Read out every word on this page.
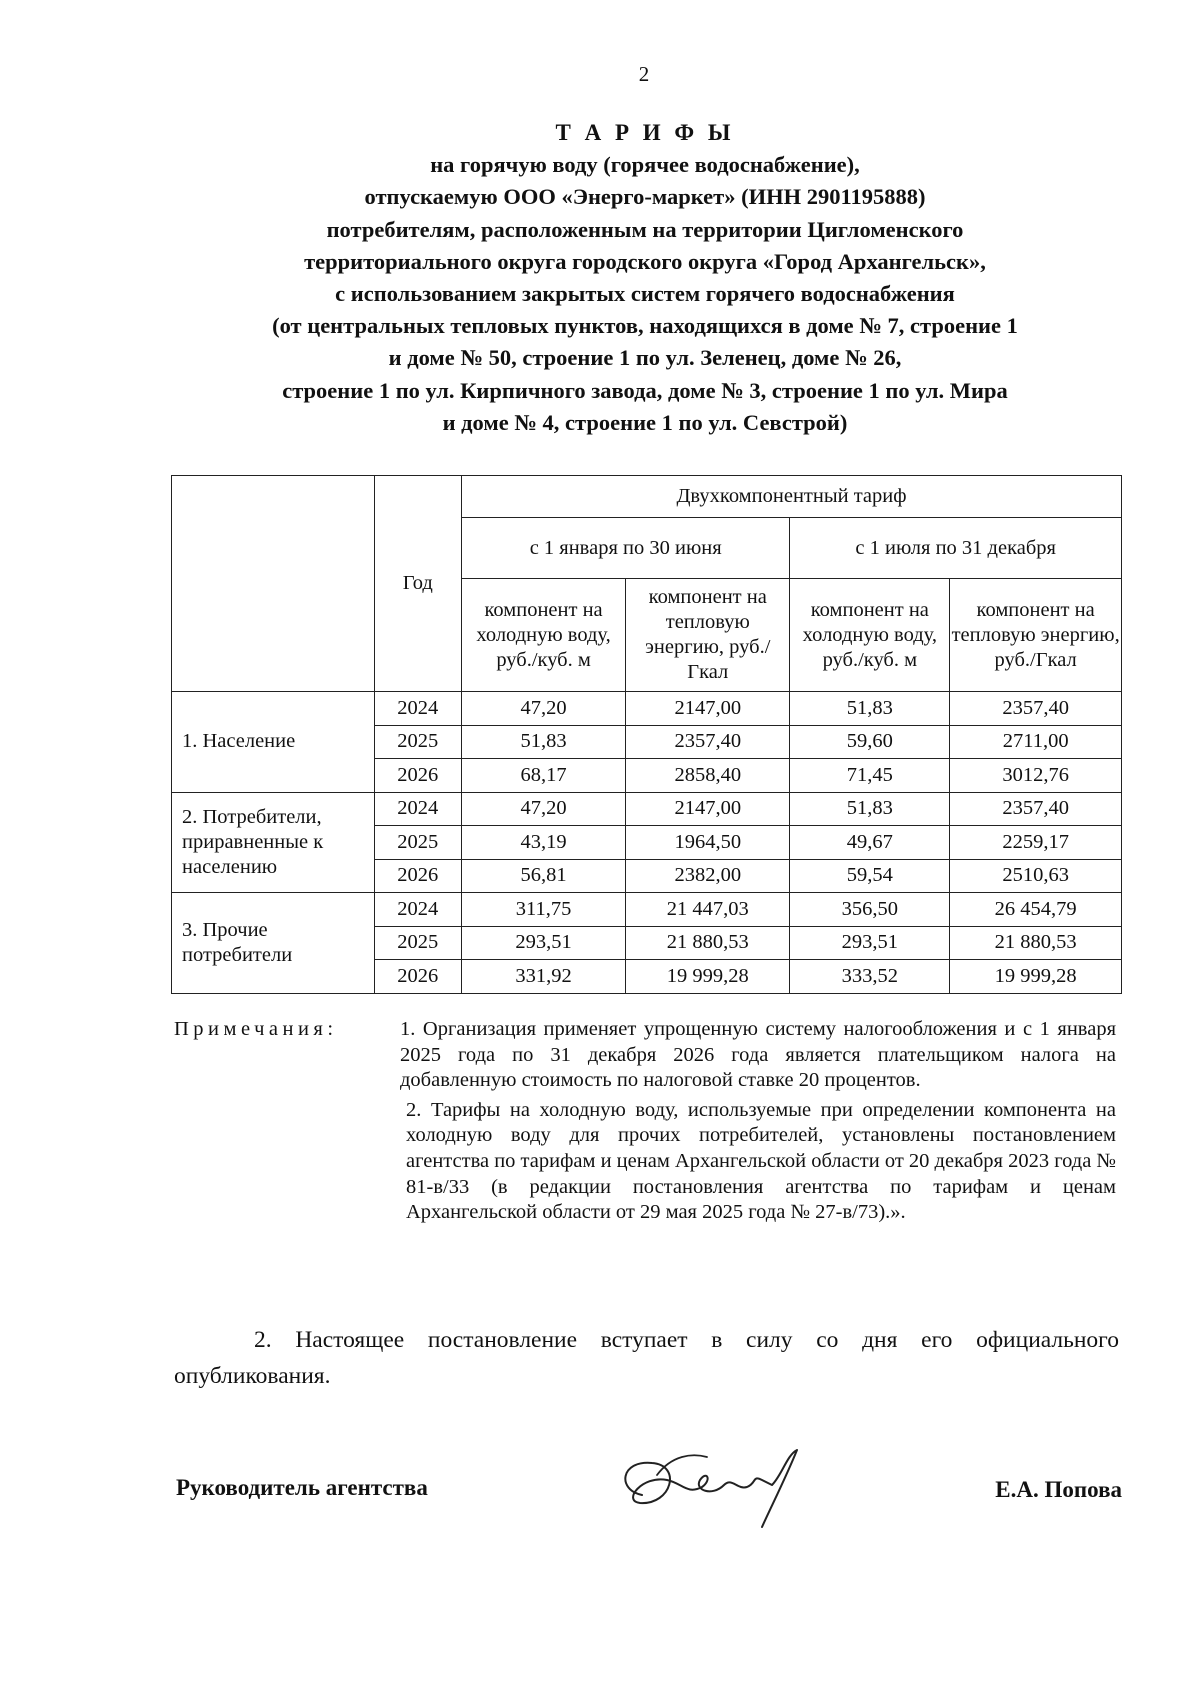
2
Т А Р И Ф Ы
на горячую воду (горячее водоснабжение),
отпускаемую ООО «Энерго-маркет» (ИНН 2901195888)
потребителям, расположенным на территории Цигломенского
территориального округа городского округа «Город Архангельск»,
с использованием закрытых систем горячего водоснабжения
(от центральных тепловых пунктов, находящихся в доме № 7, строение 1
и доме № 50, строение 1 по ул. Зеленец, доме № 26,
строение 1 по ул. Кирпичного завода, доме № 3, строение 1 по ул. Мира
и доме № 4, строение 1 по ул. Севстрой)
	Год	Двухкомпонентный тариф			
		с 1 января по 30 июня		с 1 июля по 31 декабря	
		компонент на холодную воду, руб./куб. м	компонент на тепловую энергию, руб./Гкал	компонент на холодную воду, руб./куб. м	компонент на тепловую энергию, руб./Гкал
1. Население	2024	47,20	2147,00	51,83	2357,40
	2025	51,83	2357,40	59,60	2711,00
	2026	68,17	2858,40	71,45	3012,76
2. Потребители, приравненные к населению	2024	47,20	2147,00	51,83	2357,40
	2025	43,19	1964,50	49,67	2259,17
	2026	56,81	2382,00	59,54	2510,63
3. Прочие потребители	2024	311,75	21 447,03	356,50	26 454,79
	2025	293,51	21 880,53	293,51	21 880,53
	2026	331,92	19 999,28	333,52	19 999,28
Примечания:	1. Организация применяет упрощенную систему налогообложения и с 1 января 2025 года по 31 декабря 2026 года является плательщиком налога на добавленную стоимость по налоговой ставке 20 процентов.

2. Тарифы на холодную воду, используемые при определении компонента на холодную воду для прочих потребителей, установлены постановлением агентства по тарифам и ценам Архангельской области от 20 декабря 2023 года № 81-в/33 (в редакции постановления агентства по тарифам и ценам Архангельской области от 29 мая 2025 года № 27-в/73).».

2. Настоящее постановление вступает в силу со дня его официального опубликования.
Руководитель агентства	Е.А. Попова
